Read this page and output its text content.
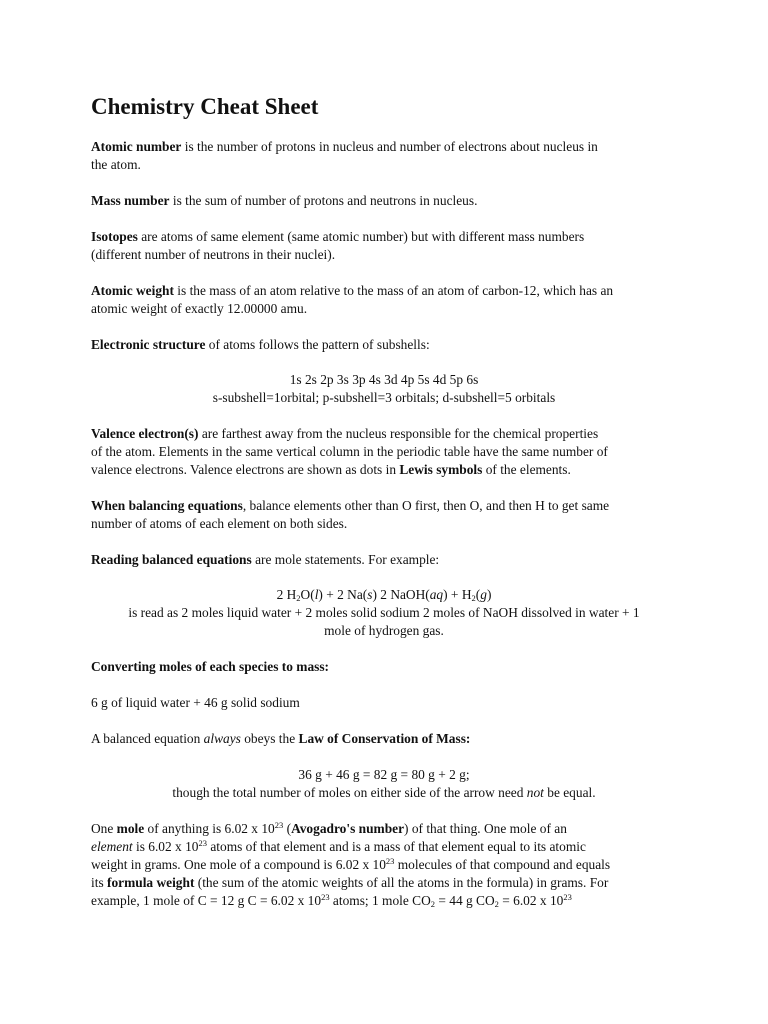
Chemistry Cheat Sheet

Atomic number is the number of protons in nucleus and number of electrons about nucleus in

the atom.

Mass number is the sum of number of protons and neutrons in nucleus.

Isotopes are atoms of same element (same atomic number) but with different mass numbers

(different number of neutrons in their nuclei).

Atomic weight is the mass of an atom relative to the mass of an atom of carbon-12, which has an

atomic weight of exactly 12.00000 amu.

Electronic structure of atoms follows the pattern of subshells:

1s 2s 2p 3s 3p 4s 3d 4p 5s 4d 5p 6s

s-subshell=1orbital; p-subshell=3 orbitals; d-subshell=5 orbitals

Valence electron(s) are farthest away from the nucleus responsible for the chemical properties

of the atom. Elements in the same vertical column in the periodic table have the same number of

valence electrons. Valence electrons are shown as dots in Lewis symbols of the elements.

When balancing equations, balance elements other than O first, then O, and then H to get same

number of atoms of each element on both sides.

Reading balanced equations are mole statements. For example:

2 $H_2O(l) + 2$ Na(s) 2 NaOH(aq) + $H_2(g)$

is read as 2 moles liquid water + 2 moles solid sodium 2 moles of NaOH dissolved in water + 1

mole of hydrogen gas.

Converting moles of each species to mass:

6 g of liquid water + 46 g solid sodium

A balanced equation always obeys the Law of Conservation of Mass:

36 g + 46 g = 82 g = 80 g + 2 g;

though the total number of moles on either side of the arrow need not be equal.

One mole of anything is 6.02 x $10^{23}$ (Avogadro's number) of that thing. One mole of an

element is 6.02 x $10^{23}$ atoms of that element and is a mass of that element equal to its atomic

weight in grams. One mole of a compound is 6.02 x $10^{23}$ molecules of that compound and equals

its formula weight (the sum of the atomic weights of all the atoms in the formula) in grams. For

example, 1 mole of C = 12 g C = 6.02 x $10^{23}$ atoms; 1 mole $CO_2 = 44$ g $CO_2 = 6.02$ x $10^{23}$
